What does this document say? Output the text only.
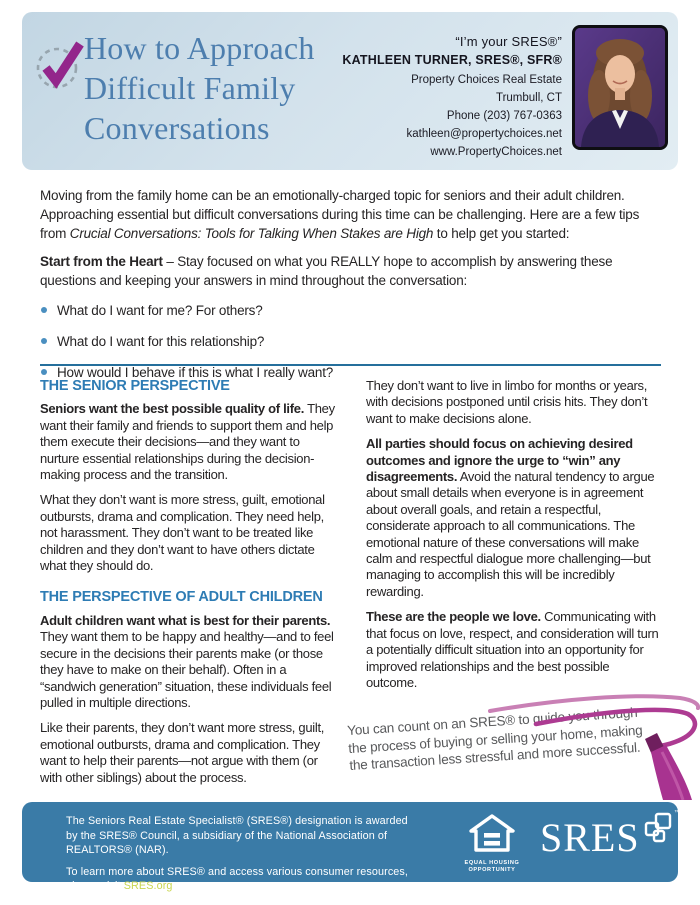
How to Approach
Difficult Family
Conversations
“I’m your SRES®”
KATHLEEN TURNER, SRES®, SFR®
Property Choices Real Estate
Trumbull, CT
Phone (203) 767-0363
kathleen@propertychoices.net
www.PropertyChoices.net

Moving from the family home can be an emotionally-charged topic for seniors and their adult children. Approaching essential but difficult conversations during this time can be challenging. Here are a few tips from Crucial Conversations: Tools for Talking When Stakes are High to help get you started:

Start from the Heart – Stay focused on what you REALLY hope to accomplish by answering these questions and keeping your answers in mind throughout the conversation:

What do I want for me? For others?
What do I want for this relationship?
How would I behave if this is what I really want?
THE SENIOR PERSPECTIVE

Seniors want the best possible quality of life. They want their family and friends to support them and help them execute their decisions—and they want to nurture essential relationships during the decision-making process and the transition.

What they don’t want is more stress, guilt, emotional outbursts, drama and complication. They need help, not harassment. They don’t want to be treated like children and they don’t want to have others dictate what they should do.

THE PERSPECTIVE OF ADULT CHILDREN

Adult children want what is best for their parents. They want them to be happy and healthy—and to feel secure in the decisions their parents make (or those they have to make on their behalf). Often in a “sandwich generation” situation, these individuals feel pulled in multiple directions.

Like their parents, they don’t want more stress, guilt, emotional outbursts, drama and complication. They want to help their parents—not argue with them (or with other siblings) about the process.

They don’t want to live in limbo for months or years, with decisions postponed until crisis hits. They don’t want to make decisions alone.

All parties should focus on achieving desired outcomes and ignore the urge to “win” any disagreements. Avoid the natural tendency to argue about small details when everyone is in agreement about overall goals, and retain a respectful, considerate approach to all communications. The emotional nature of these conversations will make calm and respectful dialogue more challenging—but managing to accomplish this will be incredibly rewarding.

These are the people we love. Communicating with that focus on love, respect, and consideration will turn a potentially difficult situation into an opportunity for improved relationships and the best possible outcome.

You can count on an SRES® to guide you through the process of buying or selling your home, making the transaction less stressful and more successful.

The Seniors Real Estate Specialist® (SRES®) designation is awarded by the SRES® Council, a subsidiary of the National Association of REALTORS® (NAR).

To learn more about SRES® and access various consumer resources, please visit SRES.org.

EQUAL HOUSING
OPPORTUNITY
SRES
™
